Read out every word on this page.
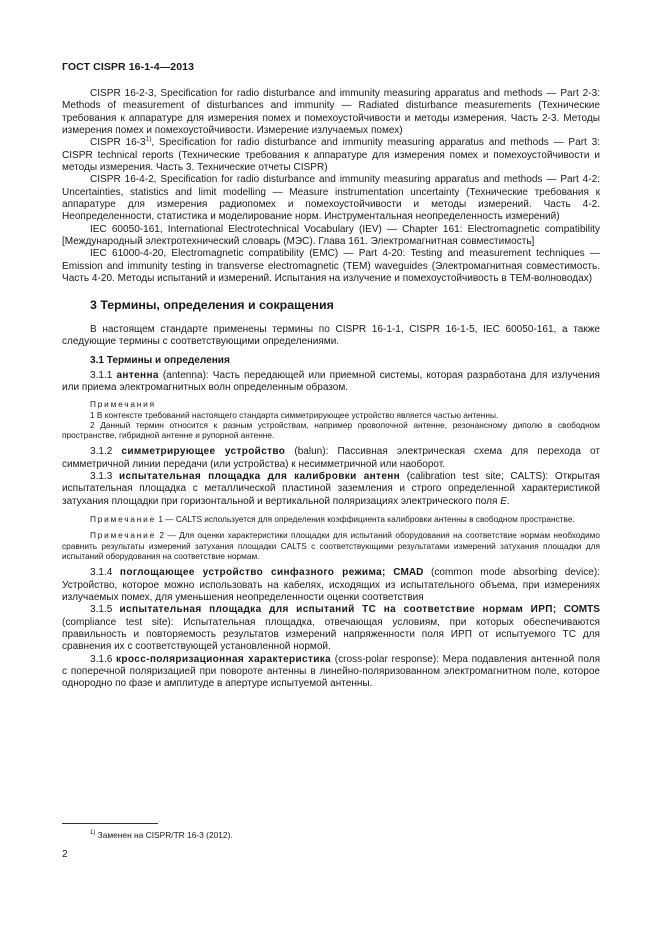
ГОСТ CISPR 16-1-4—2013

CISPR 16-2-3, Specification for radio disturbance and immunity measuring apparatus and methods — Part 2-3: Methods of measurement of disturbances and immunity — Radiated disturbance measurements (Технические требования к аппаратуре для измерения помех и помехоустойчивости и методы измерения. Часть 2-3. Методы измерения помех и помехоустойчивости. Измерение излучаемых помех)

CISPR 16-3$^{1)}$, Specification for radio disturbance and immunity measuring apparatus and methods — Part 3: CISPR technical reports (Технические требования к аппаратуре для измерения помех и помехоустойчивости и методы измерения. Часть 3. Технические отчеты CISPR)

CISPR 16-4-2, Specification for radio disturbance and immunity measuring apparatus and methods — Part 4-2: Uncertainties, statistics and limit modelling — Measure instrumentation uncertainty (Технические требования к аппаратуре для измерения радиопомех и помехоустойчивости и методы измерений. Часть 4-2. Неопределенности, статистика и моделирование норм. Инструментальная неопределенность измерений)

IEC 60050-161, International Electrotechnical Vocabulary (IEV) — Chapter 161: Electromagnetic compatibility [Международный электротехнический словарь (МЭС). Глава 161. Электромагнитная совместимость]

IEC 61000-4-20, Electromagnetic compatibility (EMC) — Part 4-20: Testing and measurement techniques — Emission and immunity testing in transverse electromagnetic (TEM) waveguides (Электромагнитная совместимость. Часть 4-20. Методы испытаний и измерений. Испытания на излучение и помехоустойчивость в ТЕМ-волноводах)

3 Термины, определения и сокращения

В настоящем стандарте применены термины по CISPR 16-1-1, CISPR 16-1-5, IEC 60050-161, а также следующие термины с соответствующими определениями.

3.1 Термины и определения

3.1.1 антенна (antenna): Часть передающей или приемной системы, которая разработана для излучения или приема электромагнитных волн определенным образом.

Примечания

1 В контексте требований настоящего стандарта симметрирующее устройство является частью антенны.

2 Данный термин относится к разным устройствам, например проволочной антенне, резонансному диполю в свободном пространстве, гибридной антенне и рупорной антенне.

3.1.2 симметрирующее устройство (balun): Пассивная электрическая схема для перехода от симметричной линии передачи (или устройства) к несимметричной или наоборот.

3.1.3 испытательная площадка для калибровки антенн (calibration test site; CALTS): Открытая испытательная площадка с металлической пластиной заземления и строго определенной характеристикой затухания площадки при горизонтальной и вертикальной поляризациях электрического поля E.

Примечание 1 — CALTS используется для определения коэффициента калибровки антенны в свободном пространстве.

Примечание 2 — Для оценки характеристики площадки для испытаний оборудования на соответствие нормам необходимо сравнить результаты измерений затухания площадки CALTS с соответствующими результатами измерений затухания площадки для испытаний оборудования на соответствие нормам.

3.1.4 поглощающее устройство синфазного режима; CMAD (common mode absorbing device): Устройство, которое можно использовать на кабелях, исходящих из испытательного объема, при измерениях излучаемых помех, для уменьшения неопределенности оценки соответствия

3.1.5 испытательная площадка для испытаний ТС на соответствие нормам ИРП; COMTS (compliance test site): Испытательная площадка, отвечающая условиям, при которых обеспечиваются правильность и повторяемость результатов измерений напряженности поля ИРП от испытуемого ТС для сравнения их с соответствующей установленной нормой.

3.1.6 кросс-поляризационная характеристика (cross-polar response): Мера подавления антенной поля с поперечной поляризацией при повороте антенны в линейно-поляризованном электромагнитном поле, которое однородно по фазе и амплитуде в апертуре испытуемой антенны.

$^{1)}$ Заменен на CISPR/TR 16-3 (2012).
2
